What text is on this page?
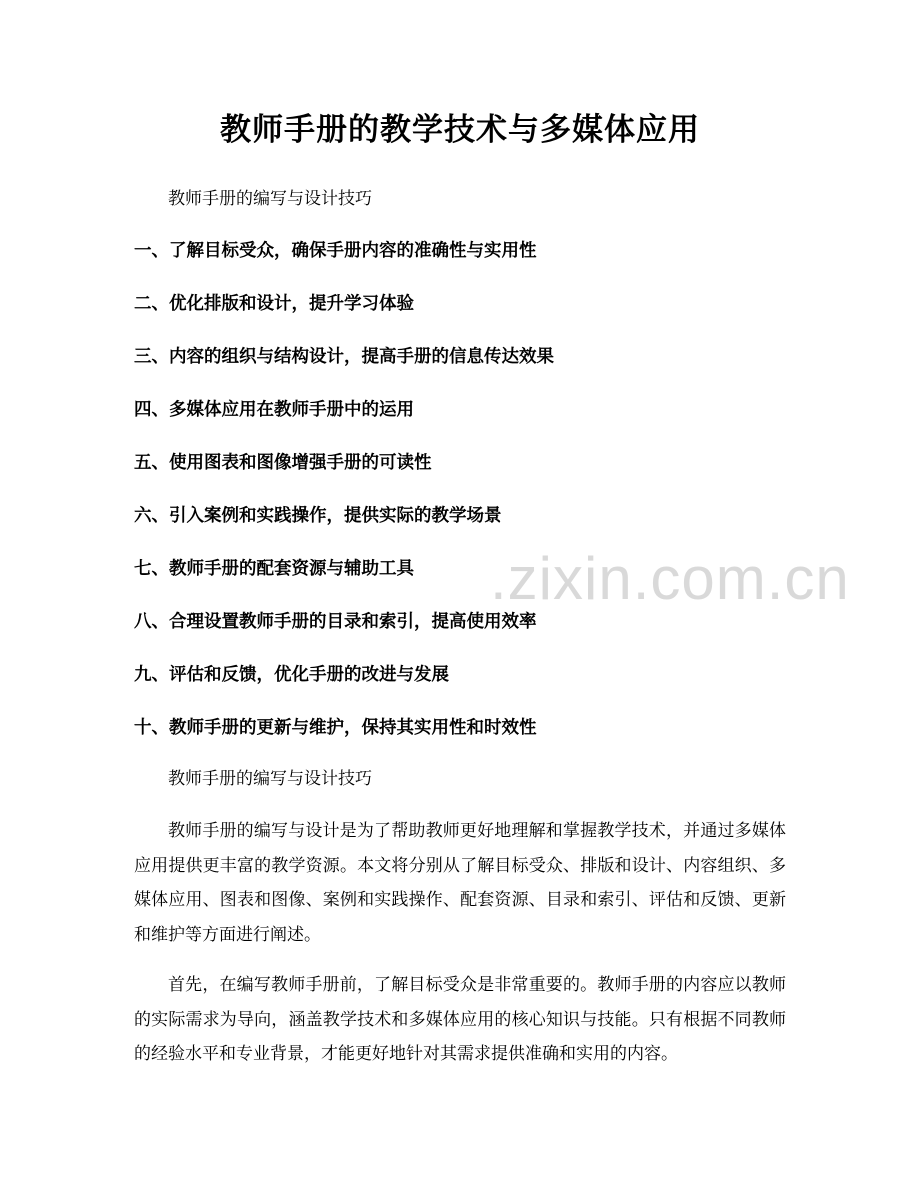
.zixin.com.cn
教师手册的教学技术与多媒体应用
教师手册的编写与设计技巧
一、了解目标受众，确保手册内容的准确性与实用性
二、优化排版和设计，提升学习体验
三、内容的组织与结构设计，提高手册的信息传达效果
四、多媒体应用在教师手册中的运用
五、使用图表和图像增强手册的可读性
六、引入案例和实践操作，提供实际的教学场景
七、教师手册的配套资源与辅助工具
八、合理设置教师手册的目录和索引，提高使用效率
九、评估和反馈，优化手册的改进与发展
十、教师手册的更新与维护，保持其实用性和时效性
教师手册的编写与设计技巧

教师手册的编写与设计是为了帮助教师更好地理解和掌握教学技术，并通过多媒体应用提供更丰富的教学资源。本文将分别从了解目标受众、排版和设计、内容组织、多媒体应用、图表和图像、案例和实践操作、配套资源、目录和索引、评估和反馈、更新和维护等方面进行阐述。

首先，在编写教师手册前，了解目标受众是非常重要的。教师手册的内容应以教师的实际需求为导向，涵盖教学技术和多媒体应用的核心知识与技能。只有根据不同教师的经验水平和专业背景，才能更好地针对其需求提供准确和实用的内容。
